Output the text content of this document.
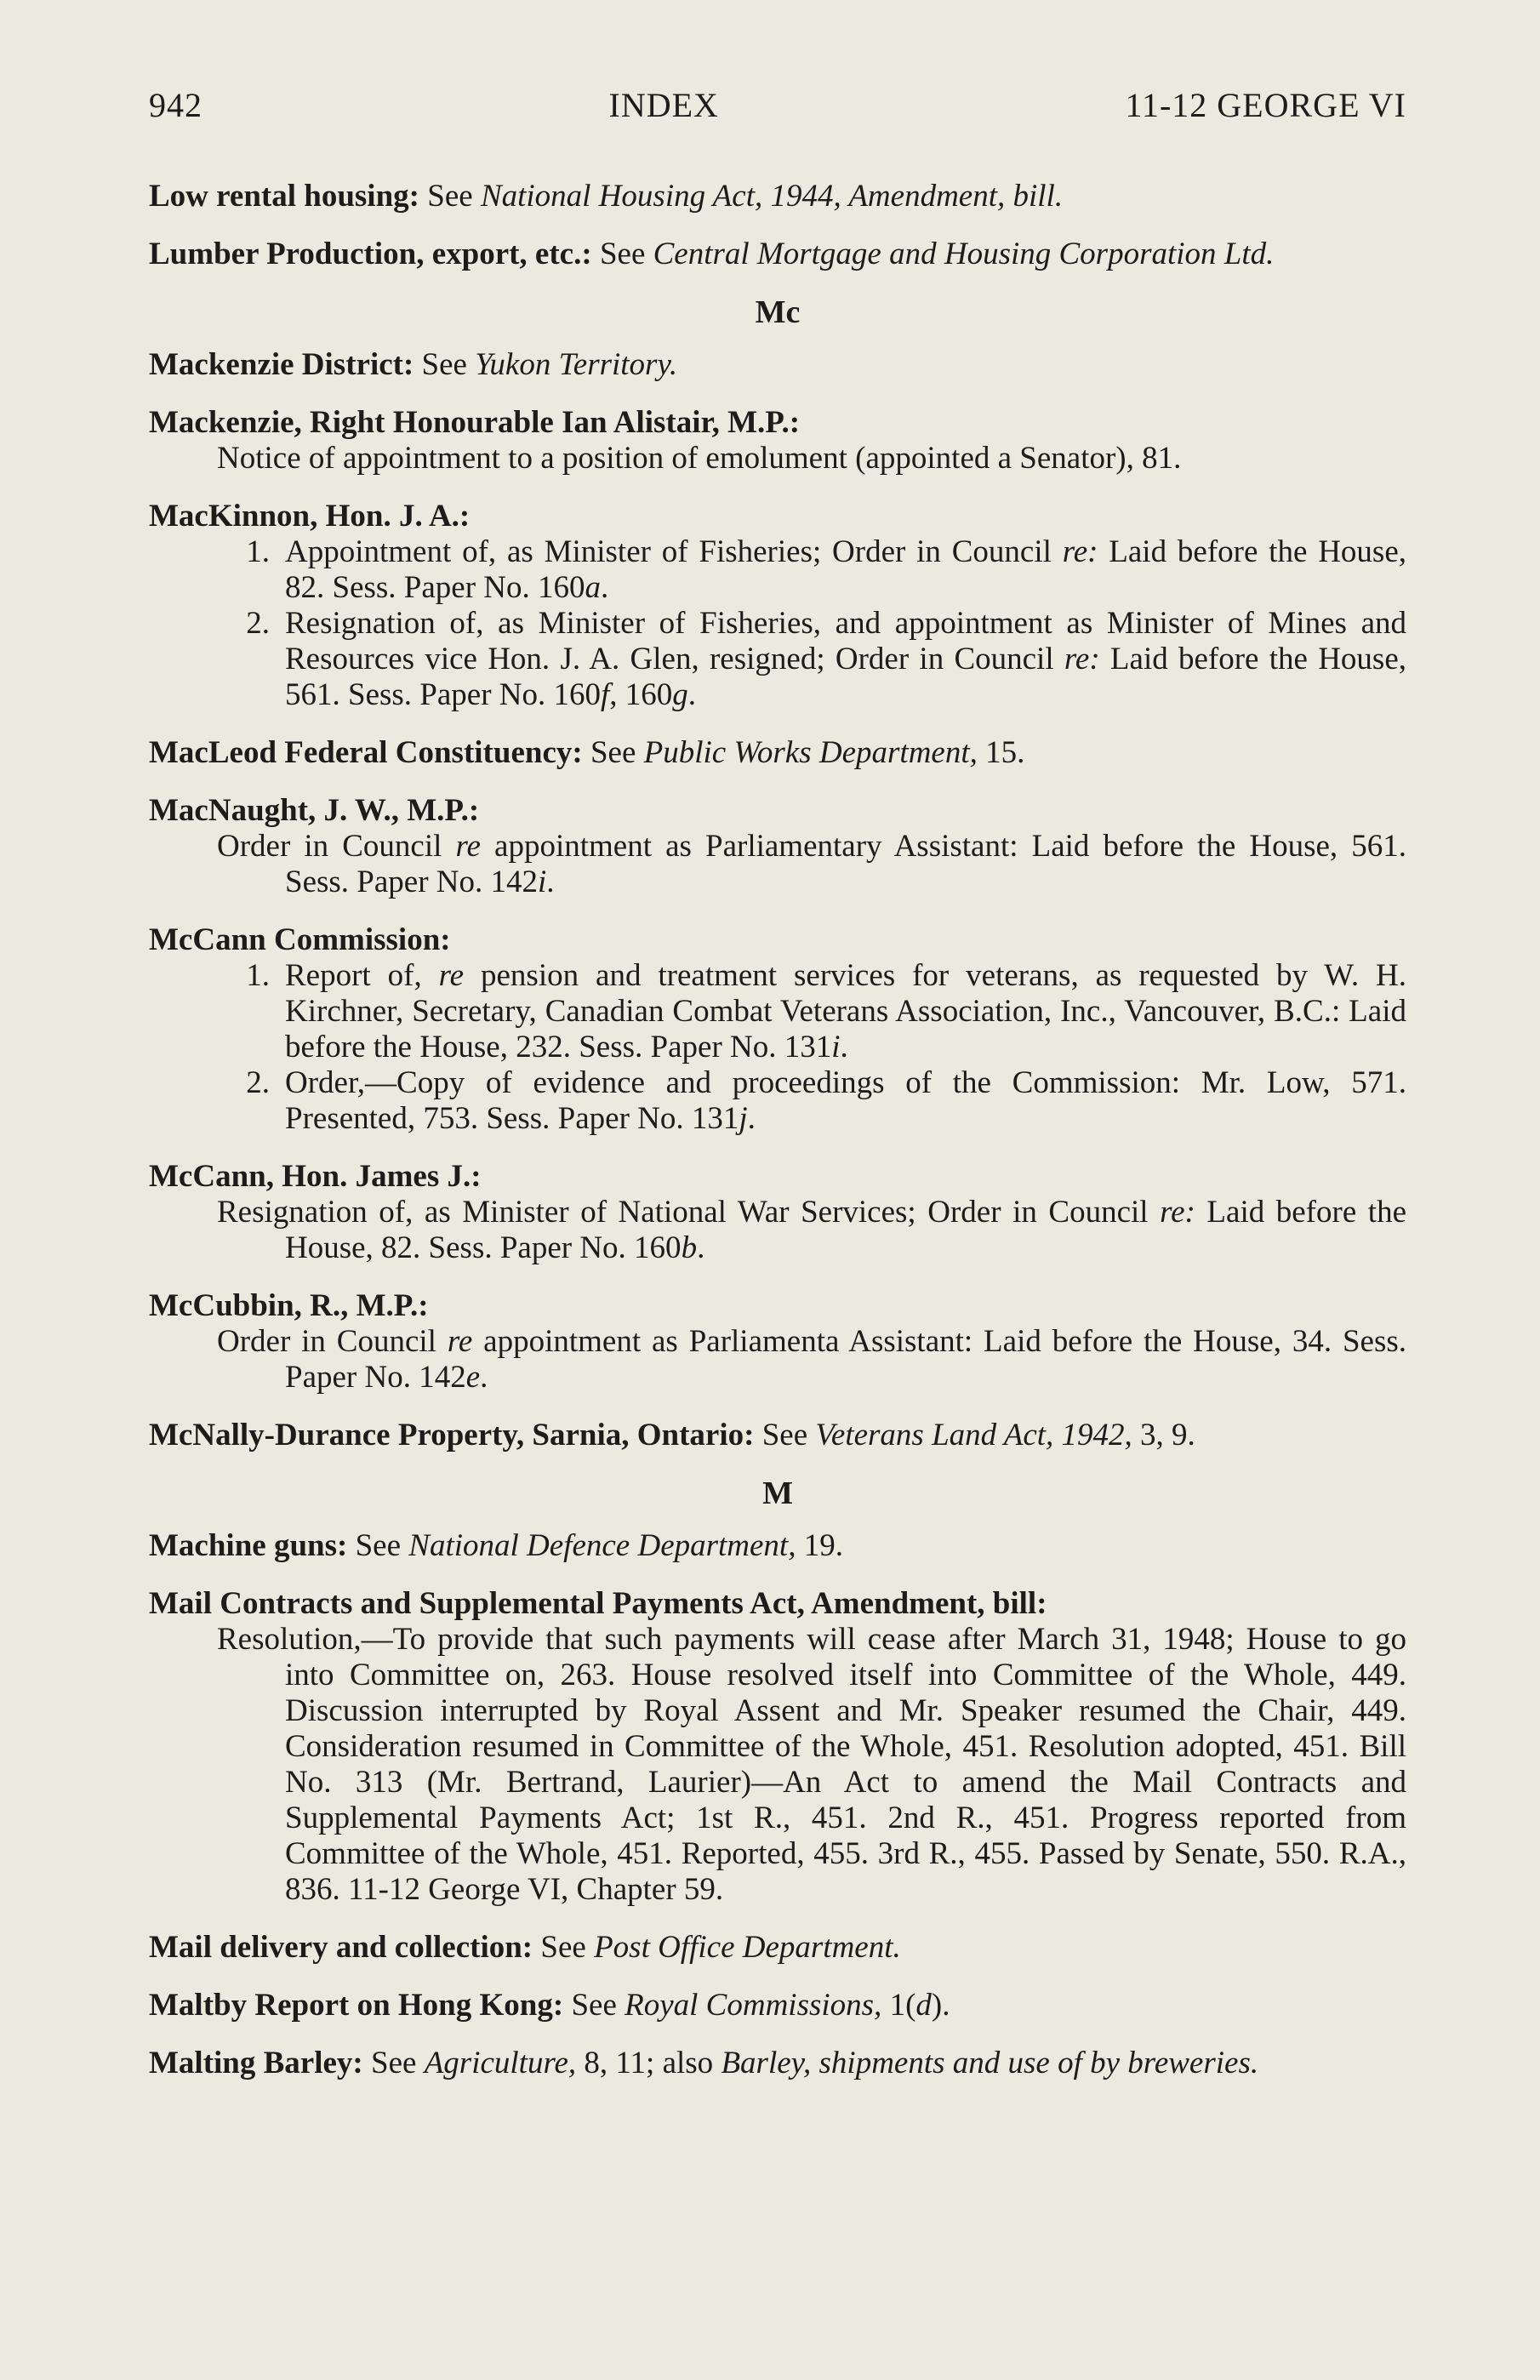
942	INDEX	11-12 GEORGE VI
Low rental housing: See National Housing Act, 1944, Amendment, bill.
Lumber Production, export, etc.: See Central Mortgage and Housing Corporation Ltd.
Mc
Mackenzie District: See Yukon Territory.
Mackenzie, Right Honourable Ian Alistair, M.P.:
Notice of appointment to a position of emolument (appointed a Senator), 81.
MacKinnon, Hon. J. A.:
1. Appointment of, as Minister of Fisheries; Order in Council re: Laid before the House, 82. Sess. Paper No. 160a.
2. Resignation of, as Minister of Fisheries, and appointment as Minister of Mines and Resources vice Hon. J. A. Glen, resigned; Order in Council re: Laid before the House, 561. Sess. Paper No. 160f, 160g.
MacLeod Federal Constituency: See Public Works Department, 15.
MacNaught, J. W., M.P.:
Order in Council re appointment as Parliamentary Assistant: Laid before the House, 561. Sess. Paper No. 142i.
McCann Commission:
1. Report of, re pension and treatment services for veterans, as requested by W. H. Kirchner, Secretary, Canadian Combat Veterans Association, Inc., Vancouver, B.C.: Laid before the House, 232. Sess. Paper No. 131i.
2. Order,—Copy of evidence and proceedings of the Commission: Mr. Low, 571. Presented, 753. Sess. Paper No. 131j.
McCann, Hon. James J.:
Resignation of, as Minister of National War Services; Order in Council re: Laid before the House, 82. Sess. Paper No. 160b.
McCubbin, R., M.P.:
Order in Council re appointment as Parliamenta Assistant: Laid before the House, 34. Sess. Paper No. 142e.
McNally-Durance Property, Sarnia, Ontario: See Veterans Land Act, 1942, 3, 9.
M
Machine guns: See National Defence Department, 19.
Mail Contracts and Supplemental Payments Act, Amendment, bill:
Resolution,—To provide that such payments will cease after March 31, 1948; House to go into Committee on, 263. House resolved itself into Committee of the Whole, 449. Discussion interrupted by Royal Assent and Mr. Speaker resumed the Chair, 449. Consideration resumed in Committee of the Whole, 451. Resolution adopted, 451. Bill No. 313 (Mr. Bertrand, Laurier)—An Act to amend the Mail Contracts and Supplemental Payments Act; 1st R., 451. 2nd R., 451. Progress reported from Committee of the Whole, 451. Reported, 455. 3rd R., 455. Passed by Senate, 550. R.A., 836. 11-12 George VI, Chapter 59.
Mail delivery and collection: See Post Office Department.
Maltby Report on Hong Kong: See Royal Commissions, 1(d).
Malting Barley: See Agriculture, 8, 11; also Barley, shipments and use of by breweries.
